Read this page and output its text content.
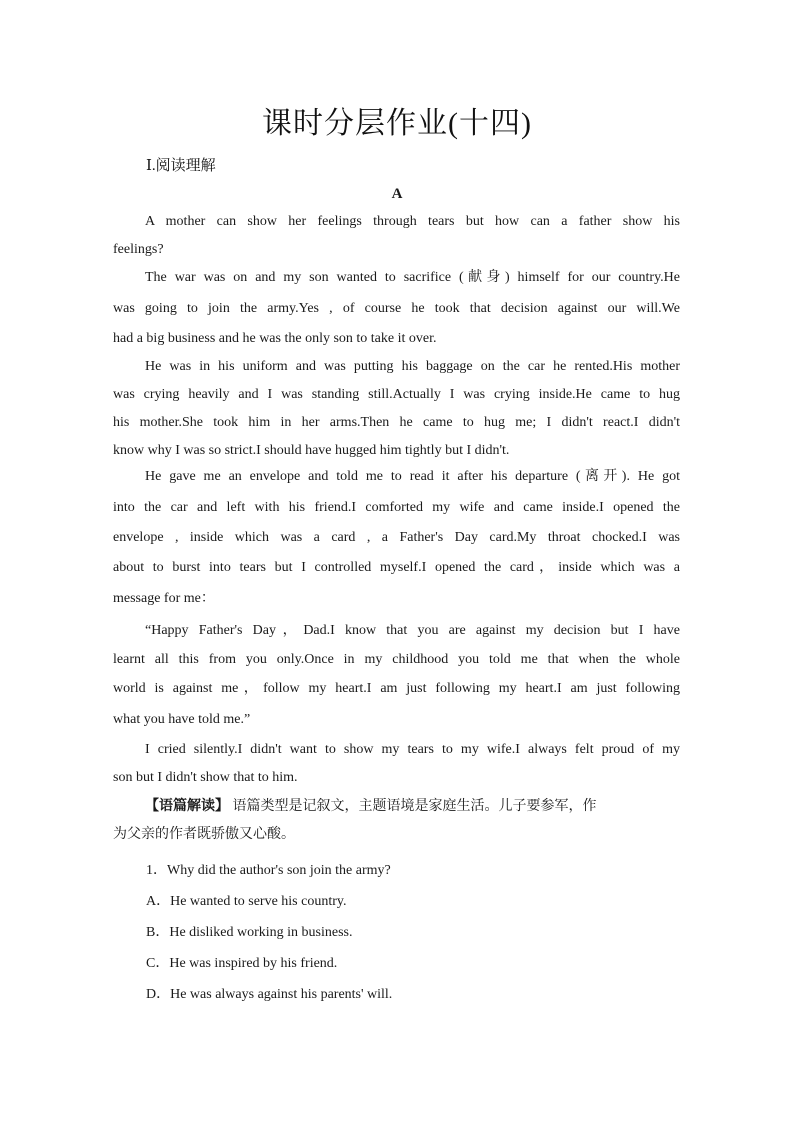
课时分层作业(十四)
Ⅰ.阅读理解
A
A mother can show her feelings through tears but how can a father show his
feelings?
The war was on and my son wanted to sacrifice (献身) himself for our country.He
was going to join the army.Yes , of course he took that decision against our will.We
had a big business and he was the only son to take it over.
He was in his uniform and was putting his baggage on the car he rented.His mother
was crying heavily and I was standing still.Actually I was crying inside.He came to hug
his mother.She took him in her arms.Then he came to hug me; I didn't react.I didn't
know why I was so strict.I should have hugged him tightly but I didn't.
He gave me an envelope and told me to read it after his departure (离开). He got
into the car and left with his friend.I comforted my wife and came inside.I opened the
envelope , inside which was a card , a Father's Day card.My throat chocked.I was
about to burst into tears but I controlled myself.I opened the card，inside which was a
message for me：
“Happy Father's Day，Dad.I know that you are against my decision but I have
learnt all this from you only.Once in my childhood you told me that when the whole
world is against me，follow my heart.I am just following my heart.I am just following
what you have told me.”
I cried silently.I didn't want to show my tears to my wife.I always felt proud of my
son but I didn't show that to him.
【语篇解读】 语篇类型是记叙文，主题语境是家庭生活。儿子要参军，作
为父亲的作者既骄傲又心酸。
1．Why did the author's son join the army?
A．He wanted to serve his country.
B．He disliked working in business.
C．He was inspired by his friend.
D．He was always against his parents' will.
